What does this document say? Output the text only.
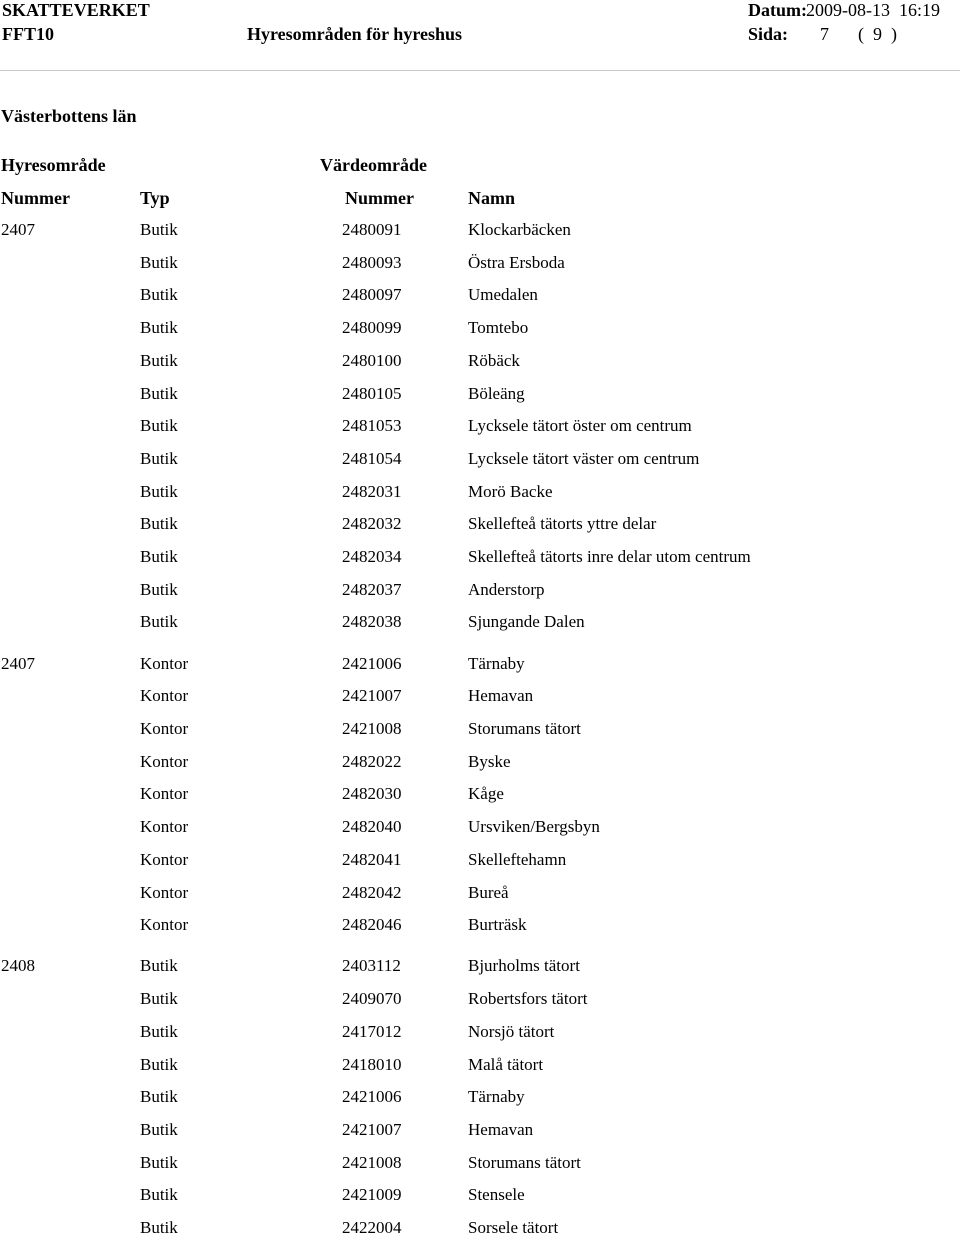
SKATTEVERKET
FFT10	Hyresområden för hyreshus
Datum: 2009-08-13  16:19
Sida: 7 (  9  )
Västerbottens län
Hyresområde	Värdeområde
Nummer	Typ	Nummer	Namn
2407	Butik	2480091	Klockarbäcken
Butik	2480093	Östra Ersboda
Butik	2480097	Umedalen
Butik	2480099	Tomtebo
Butik	2480100	Röbäck
Butik	2480105	Böleäng
Butik	2481053	Lycksele tätort öster om centrum
Butik	2481054	Lycksele tätort väster om centrum
Butik	2482031	Morö Backe
Butik	2482032	Skellefteå tätorts yttre delar
Butik	2482034	Skellefteå tätorts inre delar utom centrum
Butik	2482037	Anderstorp
Butik	2482038	Sjungande Dalen
2407	Kontor	2421006	Tärnaby
Kontor	2421007	Hemavan
Kontor	2421008	Storumans tätort
Kontor	2482022	Byske
Kontor	2482030	Kåge
Kontor	2482040	Ursviken/Bergsbyn
Kontor	2482041	Skelleftehamn
Kontor	2482042	Bureå
Kontor	2482046	Burträsk
2408	Butik	2403112	Bjurholms tätort
Butik	2409070	Robertsfors tätort
Butik	2417012	Norsjö tätort
Butik	2418010	Malå tätort
Butik	2421006	Tärnaby
Butik	2421007	Hemavan
Butik	2421008	Storumans tätort
Butik	2421009	Stensele
Butik	2422004	Sorsele tätort
